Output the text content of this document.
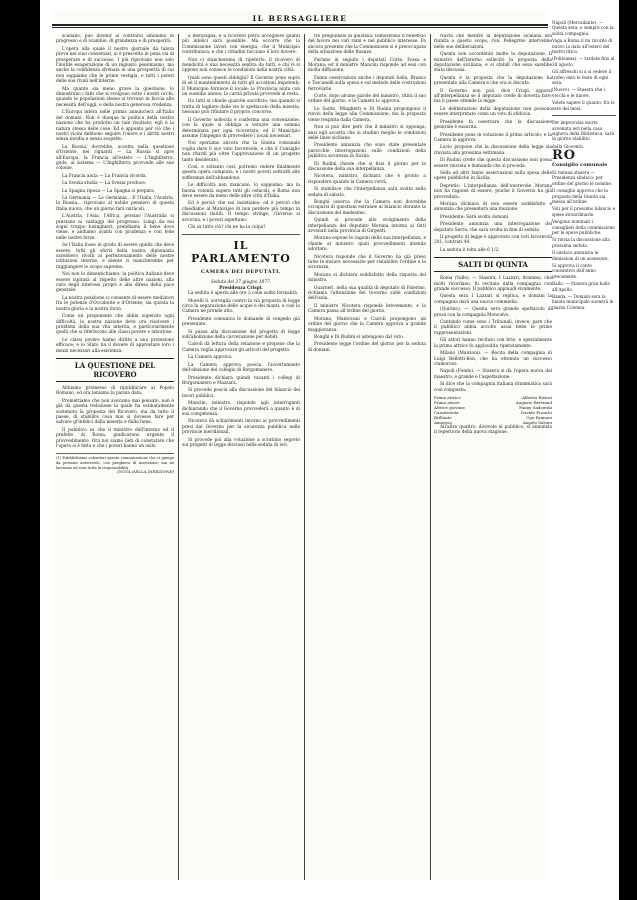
IL BERSAGLIERE

scadano, può divenir al contrario sinonimo di progresso e di scambio, di grandezza e di prosperità.

L'opera alla quale il nostro giornale dà talora prova nei suoi conversari, si è prescelta in pena via di prosperare e di successo. I più riprovano non solo l'inutile esagerazione di un ingiusto pessimismo, ma anche la confidenza sfrenata in una prosperità di cui non sappiamo che le prime vestigia, e tutti i poteri delle sue rivali nell'interno.

Ma quanto sia meno grave la questione, lo dimostrano i fatti che si svolgono sotto i nostri occhi, quando le popolazioni stesse si trovano in faccia alle necessità dell'oggi, e della nostra generosa credenza.

L'Europa intera nelle primis annuncierà all'Italia del domani. Non è dunque la politica della nostra nazione che ha prodotto un tale risultato; egli è la natura stessa delle cose. Ed è appunto per ciò che i nostri vicini debbono seguire l'onore e i diritti nostri senza invidia e senza sospetto.

La Russia, dovrebbe, accetta nella questione d'Oriente, nei riguardi — La Russia si apre all'Europa, la Francia all'estero — L'Inghilterra, gode, al sistema — L'Inghilterra provvede alle sue colonie.

La Francia aiuta — La Francia ricorda.

La Svezia studia — La Svezia produce.

La Spagna riposa — La Spagna si prepara.

La Germania — La Germania... E l'Italia, l'Austria, la Russia... riprovano al nobile pensiero di questa Italia nuova, che un giorno farà miracoli.

L'Austria, l'Asia, l'Africa, persino l'Australia si prestano ai vantaggi del progresso. Lungi da noi sogni troppo lusinghieri: prendiamo il bene dove viene, e andiamo avanti con prudenza e con fede nelle nostre forze.

Se l'Italia fosse in grado di essere quella che deve essere, tutti gli sforzi della nostra diplomazia sarebbero rivolti al perfezionamento delle nostre istituzioni interne, e niente ci mancherebbe per raggiungere lo scopo supremo.

Noi non lo dimentichiamo: la politica italiana deve essere ispirata al rispetto delle altre nazioni, alla cura degli interessi propri e alla difesa della pace generale.

La nostra posizione ci consente di essere mediatori fra le potenze d'Occidente e d'Oriente; sia questa la nostra gloria e la nostra forza.

Come un proponente che abbia superato ogni difficoltà, la nostra nazione deve ora risolvere i problemi della sua vita interna, e particolarmente quelli che si riferiscono alle classi povere e laboriose.

Le classi povere hanno diritto a una protezione efficace; e lo Stato ha il dovere di apprestare loro i mezzi necessari alla esistenza.

LA QUESTIONE DEL RICOVERO

Abbiamo promesso di ripubblicare al Popolo Romano, ed ora teniamo la parola data.

Premettiamo che non avevamo mai pensato, non è già da questa redazione la quale ha ostinatamente sostenuto la proposta del Ricovero, ma da tutto il paese, di stabilire cosa mai si dovesse fare per salvare gl'infelici dalla miseria e dalla fame.

Il pubblico sa che il ministro dell'interno ed il prefetto di Roma, giudicarono urgente il provvedimento. Ora noi siamo lieti di constatare che l'opera si è fatta e che i poveri hanno un asilo.

(1) Pubblichiamo volentieri questa comunicazione che ci giunge da persona autorevole, con preghiera di inserzione, ma ne lasciamo ad essa tutta la responsabilità.
(NOTA DELLA DIREZIONE)

a meraviglia, e il ricovero potrà accogliere quanti più infelici sarà possibile. Ma occorre che la Commissione lavori con energia, che il Municipio contribuisca, e che i cittadini facciano il loro dovere.

Non ci stancheremo di ripeterlo: il ricovero di mendicità è una necessità sentita da tutti, e chi vi si oppone non conosce le condizioni della nostra città.

Quali sono questi obblighi? Il Governo pone sopra di sé il mantenimento di tutti gli accattoni impotenti; il Municipio fornisce il locale; la Provincia aiuta con un sussidio annuo; la carità privata provvede al resto.

Da tutti si chiede qualche sacrificio; ma quando si tratta di togliere dalle vie lo spettacolo della miseria, nessuno può rifiutare il proprio concorso.

Il Governo sollecita e conferma una convenzione, con la quale si obbliga a versare una somma determinata per ogni ricoverato, ed il Municipio assume l'impegno di provvedere i locali necessari.

Noi speriamo ancora che la Giunta comunale voglia dare il suo voto favorevole, e che il Consiglio non ritardi più oltre l'approvazione di un progetto tanto desiderato.

Così, e soltanto così, potremo vedere finalmente questa opera compiuta, e i nostri poveri sottratti alle sofferenze dell'abbandono.

Le difficoltà non mancano, lo sappiamo; ma la buona volontà supera tutti gli ostacoli, e Roma non deve essere da meno delle altre città d'Italia.

Ed è perciò che noi insistiamo; ed è perciò che chiediamo al Municipio di non perdere più tempo in discussioni inutili. Il tempo stringe, l'inverno si avvicina, e i poveri aspettano.

Chi sa tutto ciò? chi ne ha la colpa?

IL PARLAMENTO
CAMERA DEI DEPUTATI.
Seduta del 27 giugno 1877.
Presidenza Crispi.

La seduta è aperta alle ore 2 colle solite formalità.

Morelli S. sorveglia contro la via proposta di legge circa la separazione delle acque e dei manti; e così la Camera ne prende atto.

Presidente comunica le domande di congedo già presentate.

Si passa alla discussione del progetto di legge sull'abolizione della carcerazione per debiti.

Cairoli dà lettura della relazione e propone che la Camera voglia approvare gli articoli del progetto.

La Camera approva.

La Camera approva poscia l'accertamento dell'elezione del collegio di Borgomanero.

Presidente dichiara quindi vacanti i collegi di Borgomanero e Mazzara.

Si procede poscia alla discussione del bilancio dei lavori pubblici.

Mancini, ministro, risponde agli interroganti dichiarando che il Governo provvederà a quanto è di sua competenza.

Nicotera dà schiarimenti intorno ai provvedimenti presi dal Governo per la sicurezza pubblica nelle provincie meridionali.

Si procede poi alla votazione a scrutinio segreto sui progetti di legge discussi nella seduta di ieri.

tro pregiudizio di giustizia. Dimostrano il beneficio del lavoro nei vari rami e nel pubblico interesse. Fa ancora presente che la Commissione si è preoccupata della situazione delle finanze.

Parlano in seguito i deputati Corte, Fossa e Morana; ed il ministro Mancini risponde ad essi con molta diffusione.

Fanno osservazioni anche i deputati Sella, Branca e Toscanelli sulla spesa e sul metodo delle costruzioni ferroviarie.

Corte, dopo alcune parole del ministro, ritira il suo ordine del giorno, e la Camera lo approva.

Lo Sardo, Minghetti e Di Rudinì propongono il rinvio della legge alla Commissione; ma la proposta viene respinta dalla Camera.

Non si può dire però che il ministro si opponga; anzi egli accetta che si studino meglio le condizioni delle linee siciliane.

Presidente annunzia che sono state presentate parecchie interrogazioni sulle condizioni della pubblica sicurezza in Sicilia.

Di Rudinì chiede che si fissi il giorno per la discussione della sua interpellanza.

Nicotera, ministro, dichiara che è pronto a rispondere quando la Camera vorrà.

Si stabilisce che l'interpellanza sarà svolta nella seduta di sabato.

Bonghi osserva che la Camera non dovrebbe occuparsi di questioni estranee al bilancio durante la discussione del medesimo.

Quindi si procede allo svolgimento della interpellanza del deputato Morana intorno ai fatti avvenuti nella provincia di Girgenti.

Morana espone le ragioni della sua interpellanza, e chiede al ministro quali provvedimenti intenda adottare.

Nicotera risponde che il Governo ha già preso tutte le misure necessarie per ristabilire l'ordine e la sicurezza.

Morana si dichiara soddisfatto della risposta del ministro.

Guarneri, nella sua qualità di deputato di Palermo, richiama l'attenzione del Governo sulle condizioni dell'isola.

Il ministro Nicotera risponde brevemente, e la Camera passa all'ordine del giorno.

Morana, Mantovani e Cairoli propongono un ordine del giorno che la Camera approva a grande maggioranza.

Bonghi e Di Rudinì si astengono dal voto.

Presidente legge l'ordine del giorno per la seduta di domani.

Narra che mentre la deputazione siciliana era riunita a questo scopo, l'on. Pellegrino intervenne nelle sue deliberazioni.

Questa non accontentò molte la deputazione. Il ministro dell'interno sollecitò la proposta della deputazione siciliana; e si stabilì che essa sarebbe stata discussa.

Questa è la proposta che la deputazione ha presentato alla Camera e che ora si discute.

Il Governo non può, dice Crispi, opporsi all'interpellanza se il deputato crede di doverla fare; ma il paese attende la legge.

Le deliberazioni della deputazione non possono essere interpretate come un voto di sfiducia.

Presidente fa osservare che la discussione generale è esaurita.

Presidente pone in votazione il primo articolo; e la Camera lo approva.

Lucio propone che la discussione della legge sia rinviata alla prossima settimana.

Di Rudinì crede che questa discussione non possa essere rinviata e domanda che si proceda.

Sella ed altri fanno osservazioni sulla spesa delle opere pubbliche in Sicilia.

Depretis: L'interpellanza dell'onorevole Morana non ha ragione di essere, poiché il Governo ha già provveduto.

Morana dichiara di non essere soddisfatto e annunzia che presenterà una mozione.

Presidente: Sarà svolta domani.

Presidente annunzia una interrogazione del deputato Serra, che sarà svolta in fine di seduta.

Il progetto di legge è approvato con voti favorevoli 201, contrari 40.

La seduta è tolta alle 6 1/2.

SALTI DI QUINTA

Roma (Valle). — Stasera, I Lazzari, dramma, che molti ricordano, fu recitato dalla compagnia con grande successo. Il pubblico applaudì vivamente.

Questa sera I Lazzari si replica, e domani la compagnia darà una nuova commedia.

(Quirino). — Questa sera grande spettacolo di prosa con la compagnia Moncalvo.

Cantando come sono i Tribunali, invece, pare che il pubblico abbia accolto assai bene le prime rappresentazioni.

Gli attori hanno recitato con brio, e specialmente la prima attrice fu applaudita ripetutamente.

Milano (Manzoni). — Recita della compagnia di Luigi Bellotti-Bon, che ha ottenuto un successo clamoroso.

Napoli (Fondo). — Stasera si dà l'opera nuova del maestro, e grande è l'aspettazione.

Si dice che la compagnia italiana drammatica sarà così composta:

Prima attrice	Alberta Ristori
Primo attore	Augusto Bertrand
Attrice giovane	Fanny Sadowski
Caratterista	Davide Franchi
Brillante	Ugo Pannoni
Amoroso	Angelo Salvini

All'altre quattro, dicevole al pubblico, si annunzia il repertorio della nuova stagione.

Napoli (Mercadante). — Questa sera, e sempre con la solita compagnia.

Vaga a Roma il mi ricordo di nuovo la data all'estero del teatro lirico.

(Politeama). — tardate fino al 30 agosto.

Gli affreschi si a sì vedere il trofeo dato le feste di ogni sera.

(Nuovo). — Stasera che i vecchi e le nuove.

Volete sapere il quanto, fra le sere dei mesi.

Per improvvisa morte avvenuta ieri nella casa signora della Biblioteca, sarà in giorno stabilito.

dalla Gioventù.

RO
Consiglio comunale

Si raduna stasera — Presidenza sindaco; per ordine del giorno le nomine.

Il consiglio approva che la proposta della Giunta sia messa all'ordine.

Voti per il prossimo bilancio e spese straordinarie.

Vengono nominati i consiglieri della commissione per le opere pubbliche.

Si rinvia la discussione alla prossima seduta.

Il sindaco annunzia le dimissioni di un assessore.

Si approva il conto consuntivo dell'anno precedente.

Ballo. — Stasera gran ballo all'Apollo.

Banda. — Domani sera la banda municipale suonerà in piazza Colonna.
